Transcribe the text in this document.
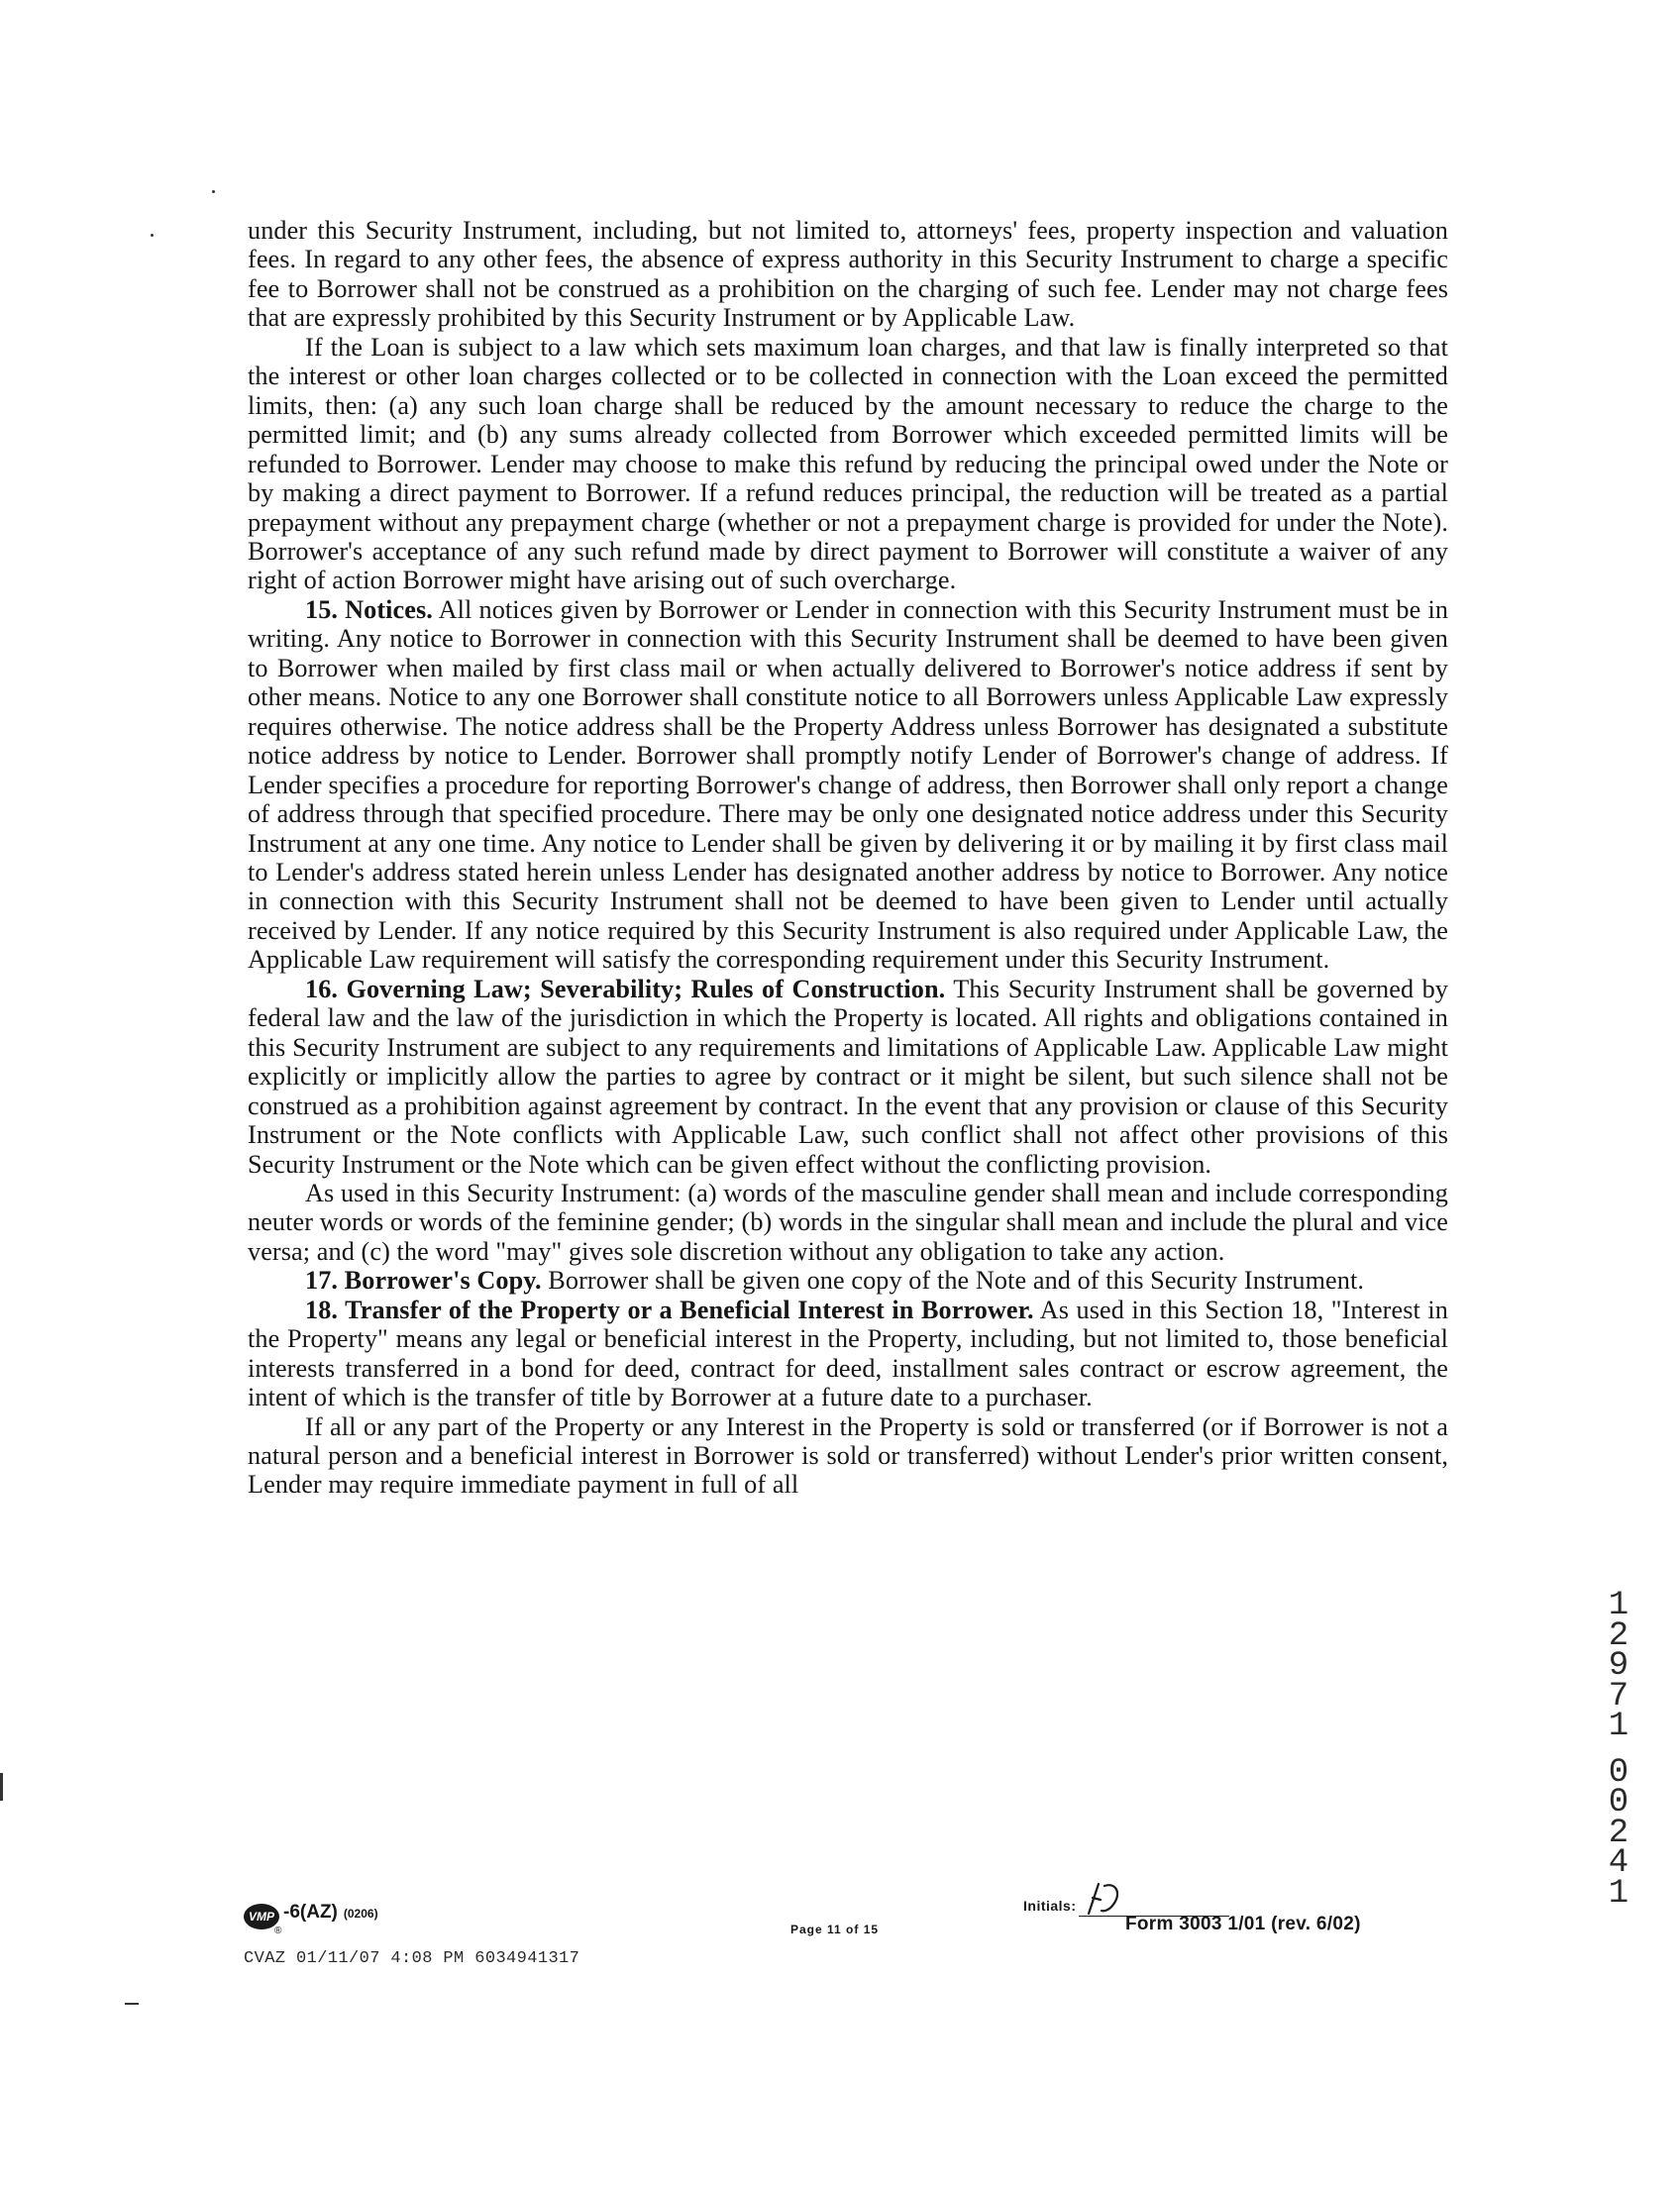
under this Security Instrument, including, but not limited to, attorneys' fees, property inspection and valuation fees. In regard to any other fees, the absence of express authority in this Security Instrument to charge a specific fee to Borrower shall not be construed as a prohibition on the charging of such fee. Lender may not charge fees that are expressly prohibited by this Security Instrument or by Applicable Law.

If the Loan is subject to a law which sets maximum loan charges, and that law is finally interpreted so that the interest or other loan charges collected or to be collected in connection with the Loan exceed the permitted limits, then: (a) any such loan charge shall be reduced by the amount necessary to reduce the charge to the permitted limit; and (b) any sums already collected from Borrower which exceeded permitted limits will be refunded to Borrower. Lender may choose to make this refund by reducing the principal owed under the Note or by making a direct payment to Borrower. If a refund reduces principal, the reduction will be treated as a partial prepayment without any prepayment charge (whether or not a prepayment charge is provided for under the Note). Borrower's acceptance of any such refund made by direct payment to Borrower will constitute a waiver of any right of action Borrower might have arising out of such overcharge.

15. Notices. All notices given by Borrower or Lender in connection with this Security Instrument must be in writing. Any notice to Borrower in connection with this Security Instrument shall be deemed to have been given to Borrower when mailed by first class mail or when actually delivered to Borrower's notice address if sent by other means. Notice to any one Borrower shall constitute notice to all Borrowers unless Applicable Law expressly requires otherwise. The notice address shall be the Property Address unless Borrower has designated a substitute notice address by notice to Lender. Borrower shall promptly notify Lender of Borrower's change of address. If Lender specifies a procedure for reporting Borrower's change of address, then Borrower shall only report a change of address through that specified procedure. There may be only one designated notice address under this Security Instrument at any one time. Any notice to Lender shall be given by delivering it or by mailing it by first class mail to Lender's address stated herein unless Lender has designated another address by notice to Borrower. Any notice in connection with this Security Instrument shall not be deemed to have been given to Lender until actually received by Lender. If any notice required by this Security Instrument is also required under Applicable Law, the Applicable Law requirement will satisfy the corresponding requirement under this Security Instrument.

16. Governing Law; Severability; Rules of Construction. This Security Instrument shall be governed by federal law and the law of the jurisdiction in which the Property is located. All rights and obligations contained in this Security Instrument are subject to any requirements and limitations of Applicable Law. Applicable Law might explicitly or implicitly allow the parties to agree by contract or it might be silent, but such silence shall not be construed as a prohibition against agreement by contract. In the event that any provision or clause of this Security Instrument or the Note conflicts with Applicable Law, such conflict shall not affect other provisions of this Security Instrument or the Note which can be given effect without the conflicting provision.

As used in this Security Instrument: (a) words of the masculine gender shall mean and include corresponding neuter words or words of the feminine gender; (b) words in the singular shall mean and include the plural and vice versa; and (c) the word "may" gives sole discretion without any obligation to take any action.

17. Borrower's Copy. Borrower shall be given one copy of the Note and of this Security Instrument.

18. Transfer of the Property or a Beneficial Interest in Borrower. As used in this Section 18, "Interest in the Property" means any legal or beneficial interest in the Property, including, but not limited to, those beneficial interests transferred in a bond for deed, contract for deed, installment sales contract or escrow agreement, the intent of which is the transfer of title by Borrower at a future date to a purchaser.

If all or any part of the Property or any Interest in the Property is sold or transferred (or if Borrower is not a natural person and a beneficial interest in Borrower is sold or transferred) without Lender's prior written consent, Lender may require immediate payment in full of all

1
2
9
7
1
0
0
2
4
1
VMP
®
-6(AZ) (0206)
CVAZ 01/11/07 4:08 PM 6034941317
Page 11 of 15
Initials:
Form 3003 1/01 (rev. 6/02)
